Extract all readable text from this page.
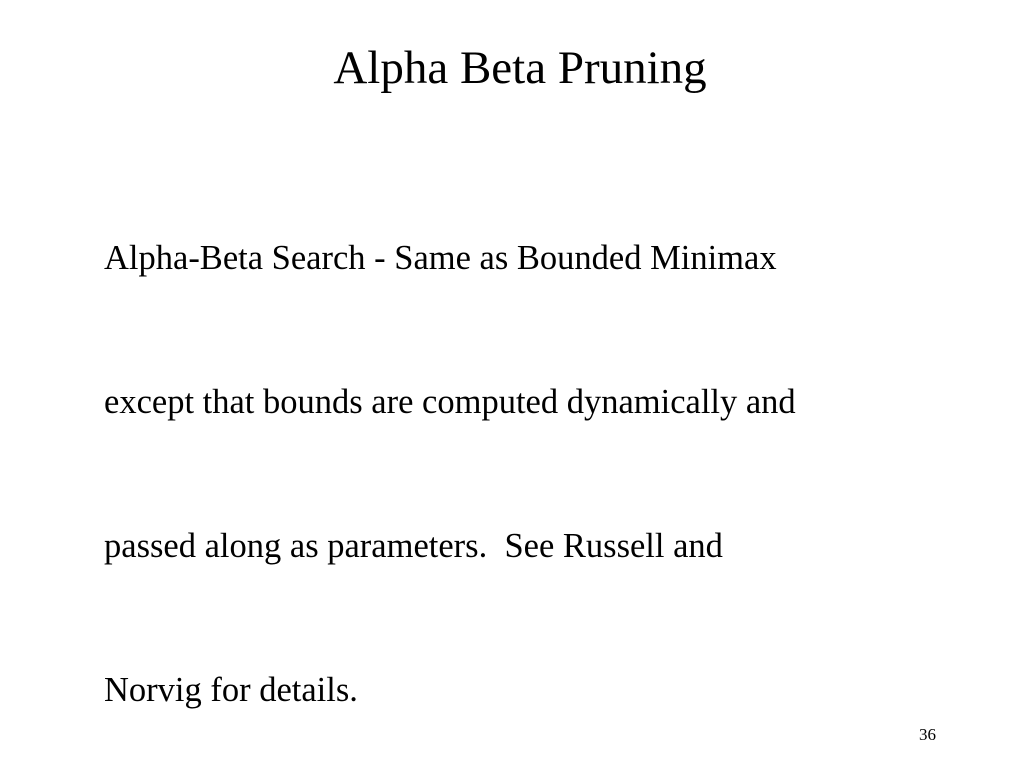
Alpha Beta Pruning

Alpha-Beta Search - Same as Bounded Minimax

except that bounds are computed dynamically and

passed along as parameters.  See Russell and

Norvig for details.

36
